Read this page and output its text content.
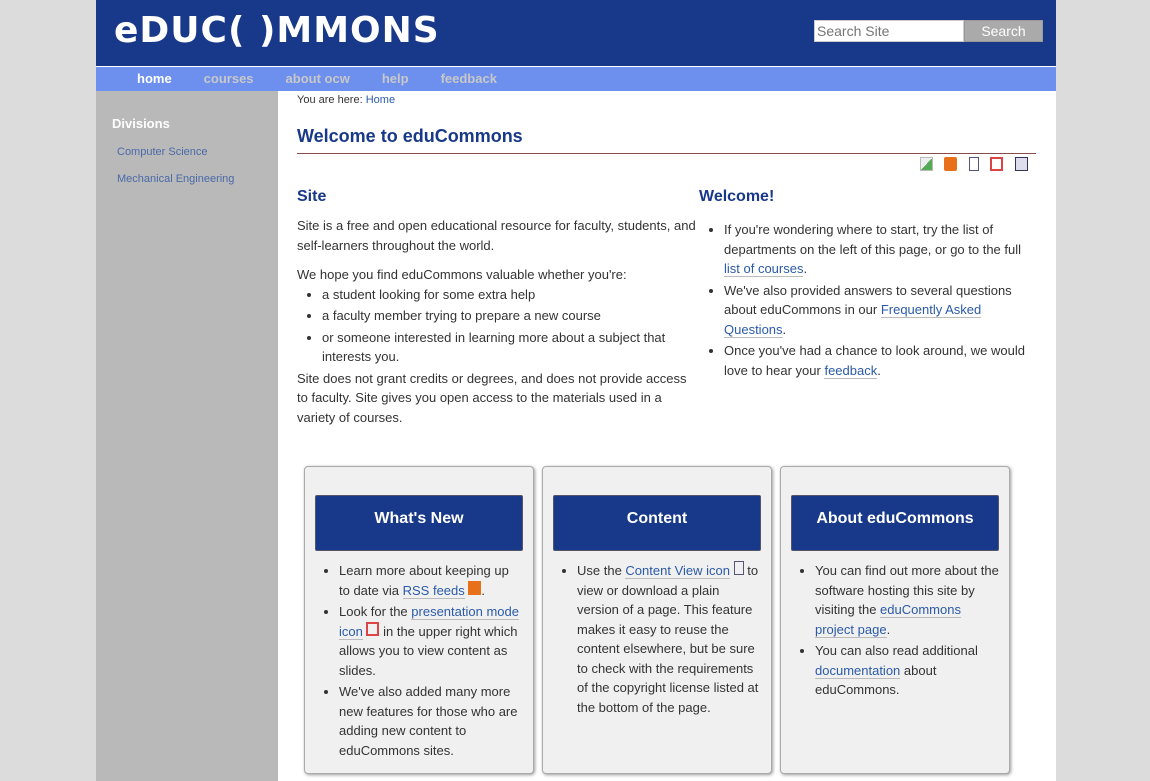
eDUC( )MMONS
Search Site	Search
home courses about ocw help feedback
Divisions
Computer Science
Mechanical Engineering
You are here: Home
Welcome to eduCommons

Site

Site is a free and open educational resource for faculty, students, and self-learners throughout the world.

We hope you find eduCommons valuable whether you're:

• a student looking for some extra help
• a faculty member trying to prepare a new course
• or someone interested in learning more about a subject that interests you.

Site does not grant credits or degrees, and does not provide access to faculty. Site gives you open access to the materials used in a variety of courses.

Welcome!
• If you're wondering where to start, try the list of departments on the left of this page, or go to the full list of courses.
• We've also provided answers to several questions about eduCommons in our Frequently Asked Questions.
• Once you've had a chance to look around, we would love to hear your feedback.
What's New
• Learn more about keeping up to date via RSS feeds .
• Look for the presentation mode icon  in the upper right which allows you to view content as slides.
• We've also added many more new features for those who are adding new content to eduCommons sites.
Content
• Use the Content View icon  to view or download a plain version of a page. This feature makes it easy to reuse the content elsewhere, but be sure to check with the requirements of the copyright license listed at the bottom of the page.
About eduCommons
• You can find out more about the software hosting this site by visiting the eduCommons project page.
• You can also read additional documentation about eduCommons.
